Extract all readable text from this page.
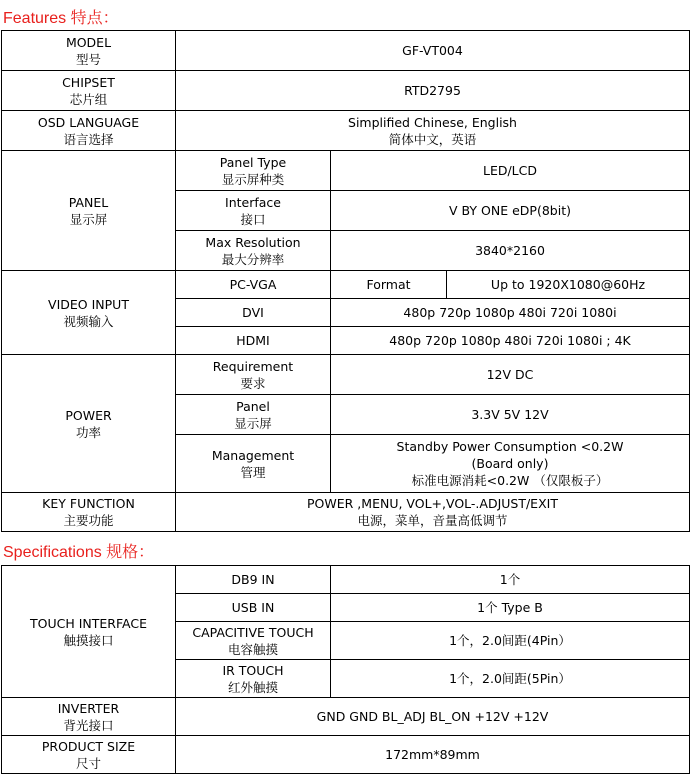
Features 特点：
MODEL
型号	GF-VT004		

CHIPSET
芯片组	RTD2795		

OSD LANGUAGE
语言选择	Simplified Chinese, English
简体中文，英语		

PANEL
显示屏	Panel Type
显示屏种类	LED/LCD	

	Interface
接口	V BY ONE eDP(8bit)	

	Max Resolution
最大分辨率	3840*2160	

VIDEO INPUT
视频输入	PC-VGA	Format	Up to 1920X1080@60Hz
	DVI	480p 720p 1080p 480i 720i 1080i	
	HDMI	480p 720p 1080p 480i 720i 1080i ; 4K	

POWER
功率	Requirement
要求	12V DC	

	Panel
显示屏	3.3V 5V 12V	

	Management
管理	Standby Power Consumption <0.2W
(Board only)
标准电源消耗<0.2W （仅限板子）	

KEY FUNCTION
主要功能	POWER ,MENU, VOL+,VOL-.ADJUST/EXIT
电源，菜单，音量高低调节		
Specifications 规格：
TOUCH INTERFACE
触摸接口	DB9 IN	1个
	USB IN	1个 Type B

	CAPACITIVE TOUCH
电容触摸	1个，2.0间距(4Pin）

	IR TOUCH
红外触摸	1个，2.0间距(5Pin）

INVERTER
背光接口	GND GND BL_ADJ BL_ON +12V +12V	

PRODUCT SIZE
尺寸	172mm*89mm	
